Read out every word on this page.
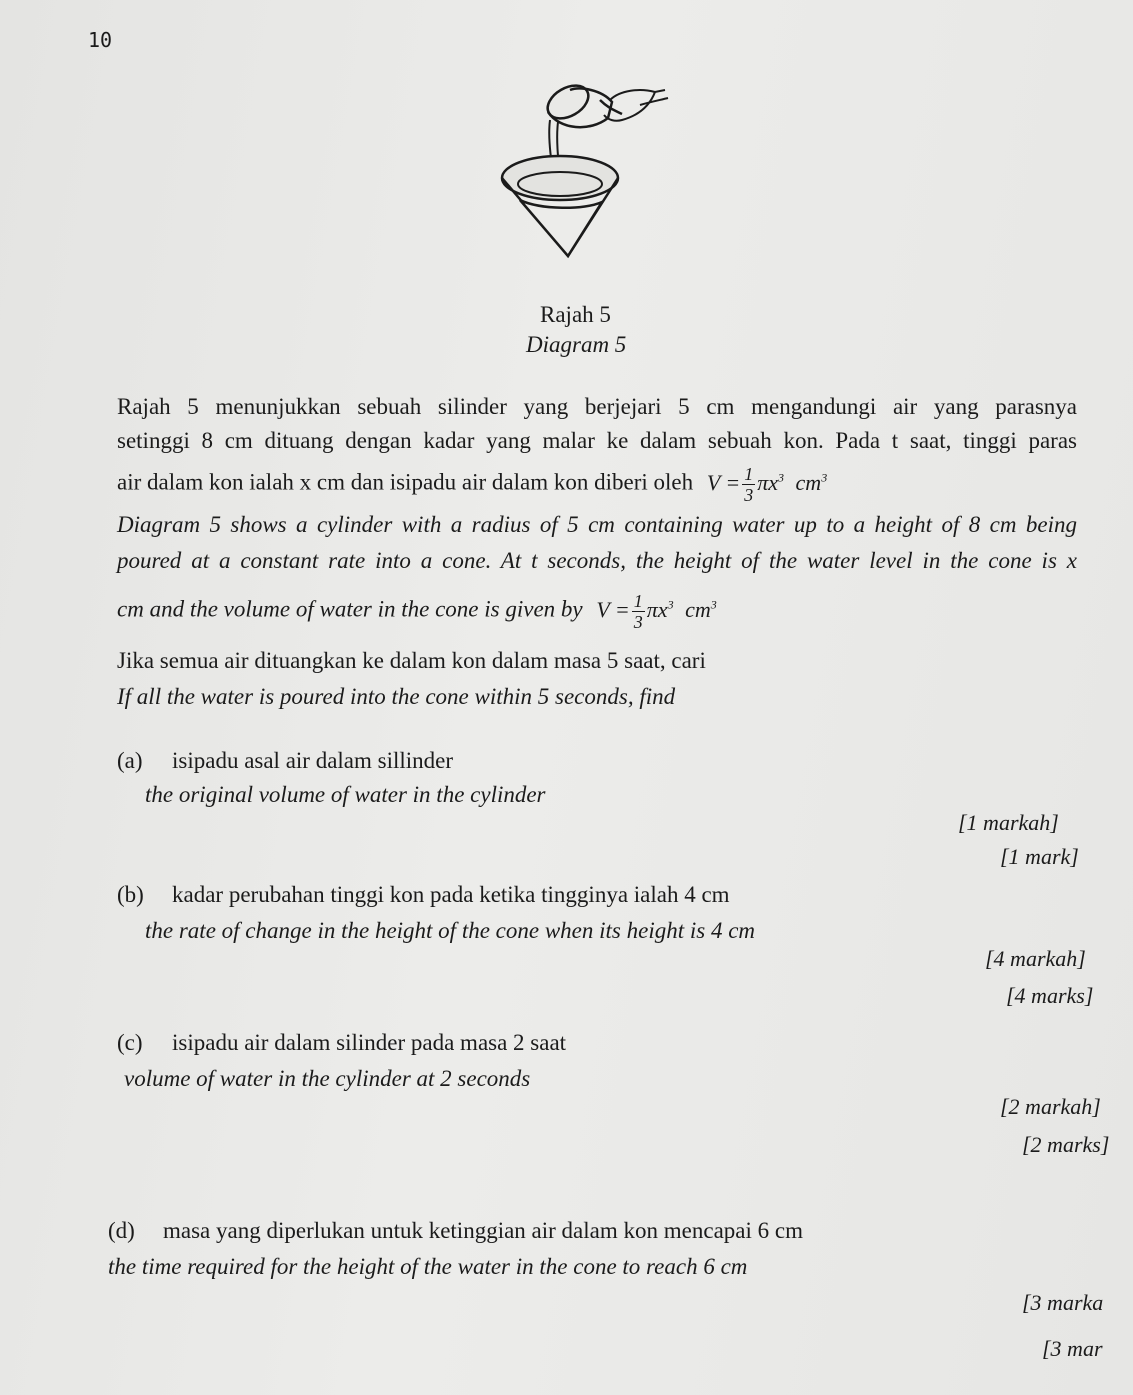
10
Rajah 5
Diagram 5
Rajah 5 menunjukkan sebuah silinder yang berjejari 5 cm mengandungi air yang parasnya
setinggi 8 cm dituang dengan kadar yang malar ke dalam sebuah kon. Pada t saat, tinggi paras
air dalam kon ialah x cm dan isipadu air dalam kon diberi oleh $V = \frac{1}{3} \pi x^3$ $cm^3$
Diagram 5 shows a cylinder with a radius of 5 cm containing water up to a height of 8 cm being
poured at a constant rate into a cone. At t seconds, the height of the water level in the cone is x
cm and the volume of water in the cone is given by $V = \frac{1}{3} \pi x^3$ $cm^3$
Jika semua air dituangkan ke dalam kon dalam masa 5 saat, cari
If all the water is poured into the cone within 5 seconds, find
(a) isipadu asal air dalam sillinder
the original volume of water in the cylinder
[1 markah]
[1 mark]
(b) kadar perubahan tinggi kon pada ketika tingginya ialah 4 cm
the rate of change in the height of the cone when its height is 4 cm
[4 markah]
[4 marks]
(c) isipadu air dalam silinder pada masa 2 saat
volume of water in the cylinder at 2 seconds
[2 markah]
[2 marks]
(d) masa yang diperlukan untuk ketinggian air dalam kon mencapai 6 cm
the time required for the height of the water in the cone to reach 6 cm
[3 marka
[3 mar
